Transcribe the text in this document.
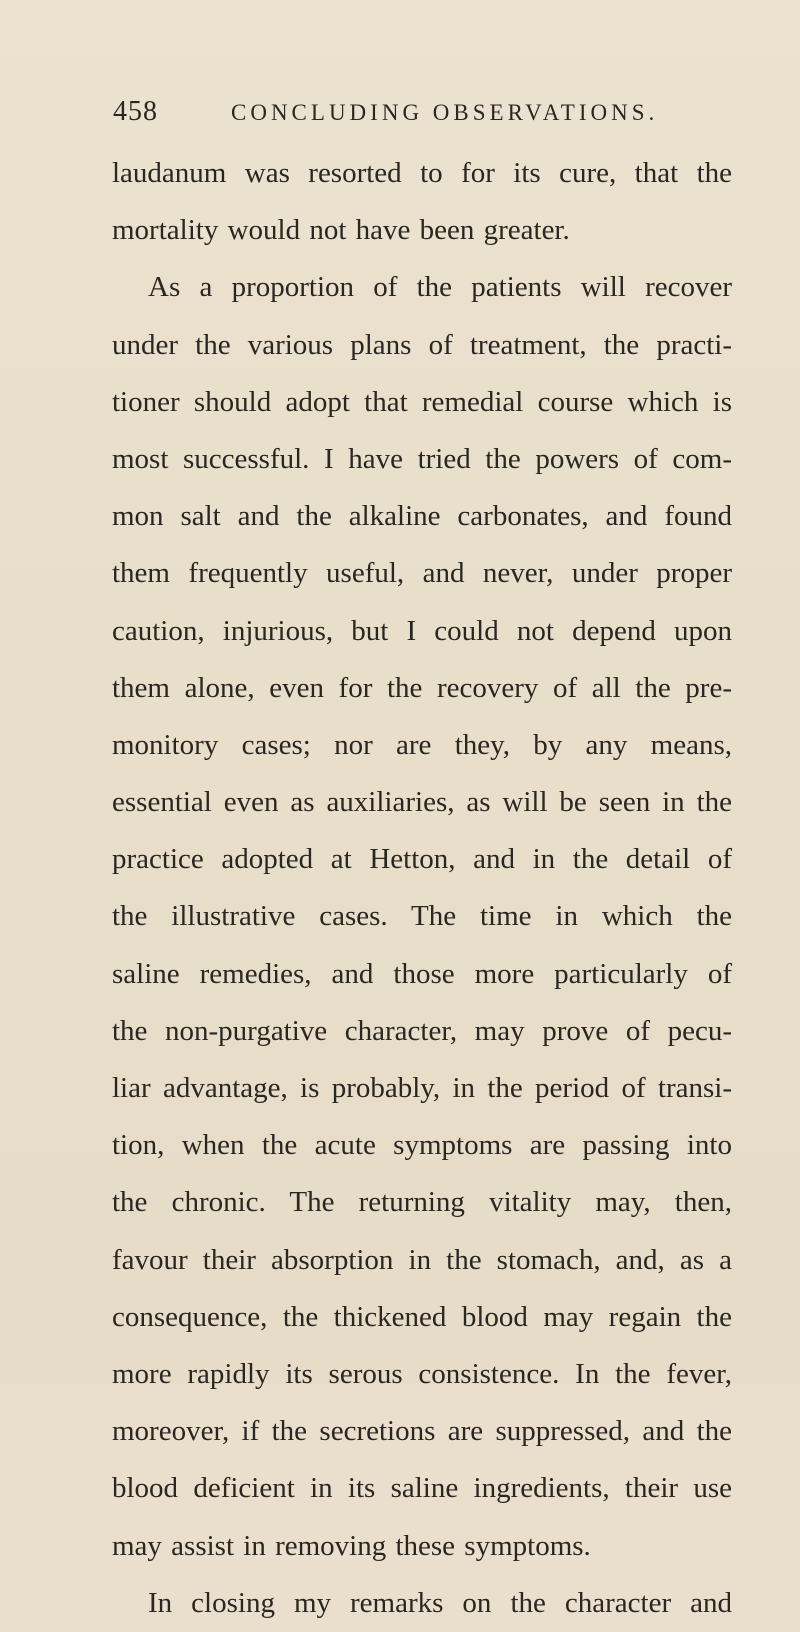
458	CONCLUDING OBSERVATIONS.
laudanum was resorted to for its cure, that the
mortality would not have been greater.
As a proportion of the patients will recover
under the various plans of treatment, the practi-
tioner should adopt that remedial course which is
most successful. I have tried the powers of com-
mon salt and the alkaline carbonates, and found
them frequently useful, and never, under proper
caution, injurious, but I could not depend upon
them alone, even for the recovery of all the pre-
monitory cases; nor are they, by any means,
essential even as auxiliaries, as will be seen in the
practice adopted at Hetton, and in the detail of
the illustrative cases. The time in which the
saline remedies, and those more particularly of
the non-purgative character, may prove of pecu-
liar advantage, is probably, in the period of transi-
tion, when the acute symptoms are passing into
the chronic. The returning vitality may, then,
favour their absorption in the stomach, and, as a
consequence, the thickened blood may regain the
more rapidly its serous consistence. In the fever,
moreover, if the secretions are suppressed, and the
blood deficient in its saline ingredients, their use
may assist in removing these symptoms.
In closing my remarks on the character and
